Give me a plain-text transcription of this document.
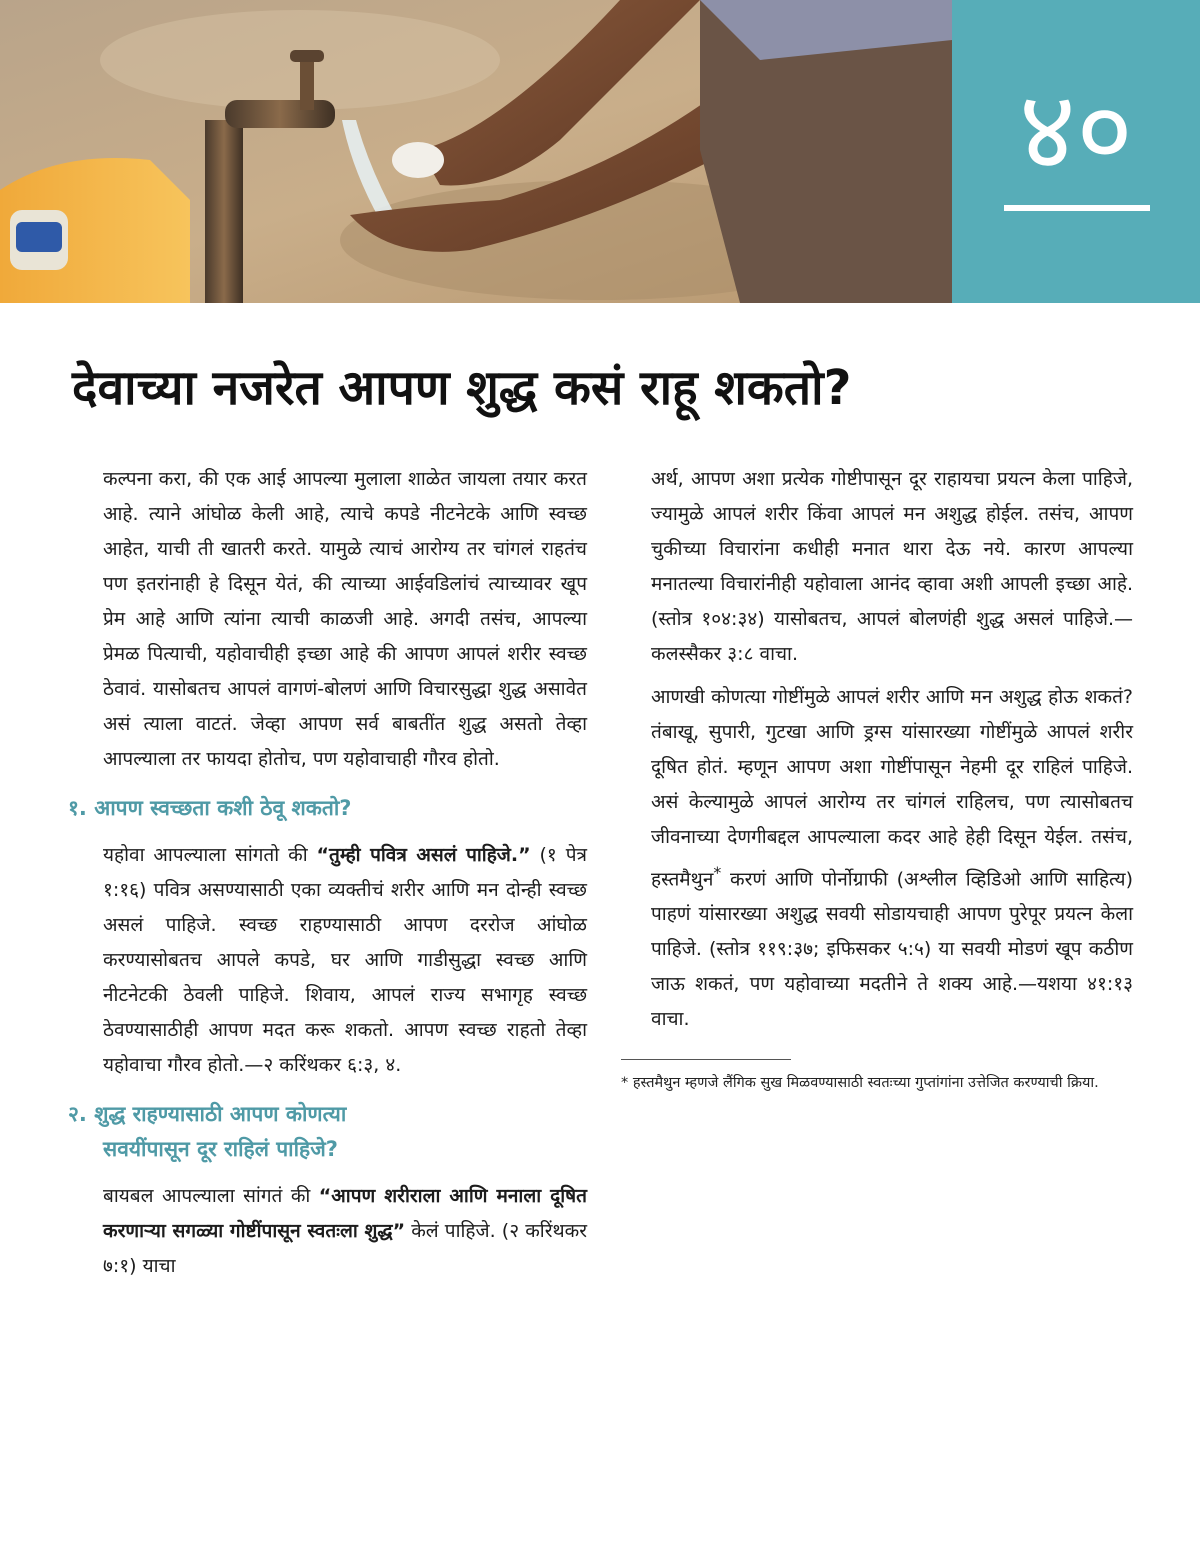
४०
देवाच्या नजरेत आपण शुद्ध कसं राहू शकतो?

कल्पना करा, की एक आई आपल्या मुलाला शाळेत जायला तयार करत आहे. त्याने आंघोळ केली आहे, त्याचे कपडे नीटनेटके आणि स्वच्छ आहेत, याची ती खातरी करते. यामुळे त्याचं आरोग्य तर चांगलं राहतंच पण इतरांनाही हे दिसून येतं, की त्याच्या आईवडिलांचं त्याच्यावर खूप प्रेम आहे आणि त्यांना त्याची काळजी आहे. अगदी तसंच, आपल्या प्रेमळ पित्याची, यहोवाचीही इच्छा आहे की आपण आपलं शरीर स्वच्छ ठेवावं. यासोबतच आपलं वागणं-बोलणं आणि विचारसुद्धा शुद्ध असावेत असं त्याला वाटतं. जेव्हा आपण सर्व बाबतींत शुद्ध असतो तेव्हा आपल्याला तर फायदा होतोच, पण यहोवाचाही गौरव होतो.

१. आपण स्वच्छता कशी ठेवू शकतो?

यहोवा आपल्याला सांगतो की “तुम्ही पवित्र असलं पाहिजे.” (१ पेत्र १:१६) पवित्र असण्यासाठी एका व्यक्तीचं शरीर आणि मन दोन्ही स्वच्छ असलं पाहिजे. स्वच्छ राहण्यासाठी आपण दररोज आंघोळ करण्यासोबतच आपले कपडे, घर आणि गाडीसुद्धा स्वच्छ आणि नीटनेटकी ठेवली पाहिजे. शिवाय, आपलं राज्य सभागृह स्वच्छ ठेवण्यासाठीही आपण मदत करू शकतो. आपण स्वच्छ राहतो तेव्हा यहोवाचा गौरव होतो.—२ करिंथकर ६:३, ४.

२. शुद्ध राहण्यासाठी आपण कोणत्या
सवयींपासून दूर राहिलं पाहिजे?

बायबल आपल्याला सांगतं की “आपण शरीराला आणि मनाला दूषित करणाऱ्या सगळ्या गोष्टींपासून स्वतःला शुद्ध” केलं पाहिजे. (२ करिंथकर ७:१) याचा

अर्थ, आपण अशा प्रत्येक गोष्टीपासून दूर राहायचा प्रयत्न केला पाहिजे, ज्यामुळे आपलं शरीर किंवा आपलं मन अशुद्ध होईल. तसंच, आपण चुकीच्या विचारांना कधीही मनात थारा देऊ नये. कारण आपल्या मनातल्या विचारांनीही यहोवाला आनंद व्हावा अशी आपली इच्छा आहे. (स्तोत्र १०४:३४) यासोबतच, आपलं बोलणंही शुद्ध असलं पाहिजे.—कलस्सैकर ३:८ वाचा.

आणखी कोणत्या गोष्टींमुळे आपलं शरीर आणि मन अशुद्ध होऊ शकतं? तंबाखू, सुपारी, गुटखा आणि ड्रग्स यांसारख्या गोष्टींमुळे आपलं शरीर दूषित होतं. म्हणून आपण अशा गोष्टींपासून नेहमी दूर राहिलं पाहिजे. असं केल्यामुळे आपलं आरोग्य तर चांगलं राहिलच, पण त्यासोबतच जीवनाच्या देणगीबद्दल आपल्याला कदर आहे हेही दिसून येईल. तसंच, हस्तमैथुन* करणं आणि पोर्नोग्राफी (अश्लील व्हिडिओ आणि साहित्य) पाहणं यांसारख्या अशुद्ध सवयी सोडायचाही आपण पुरेपूर प्रयत्न केला पाहिजे. (स्तोत्र ११९:३७; इफिसकर ५:५) या सवयी मोडणं खूप कठीण जाऊ शकतं, पण यहोवाच्या मदतीने ते शक्य आहे.—यशया ४१:१३ वाचा.

* हस्तमैथुन म्हणजे लैंगिक सुख मिळवण्यासाठी स्वतःच्या गुप्तांगांना उत्तेजित करण्याची क्रिया.
